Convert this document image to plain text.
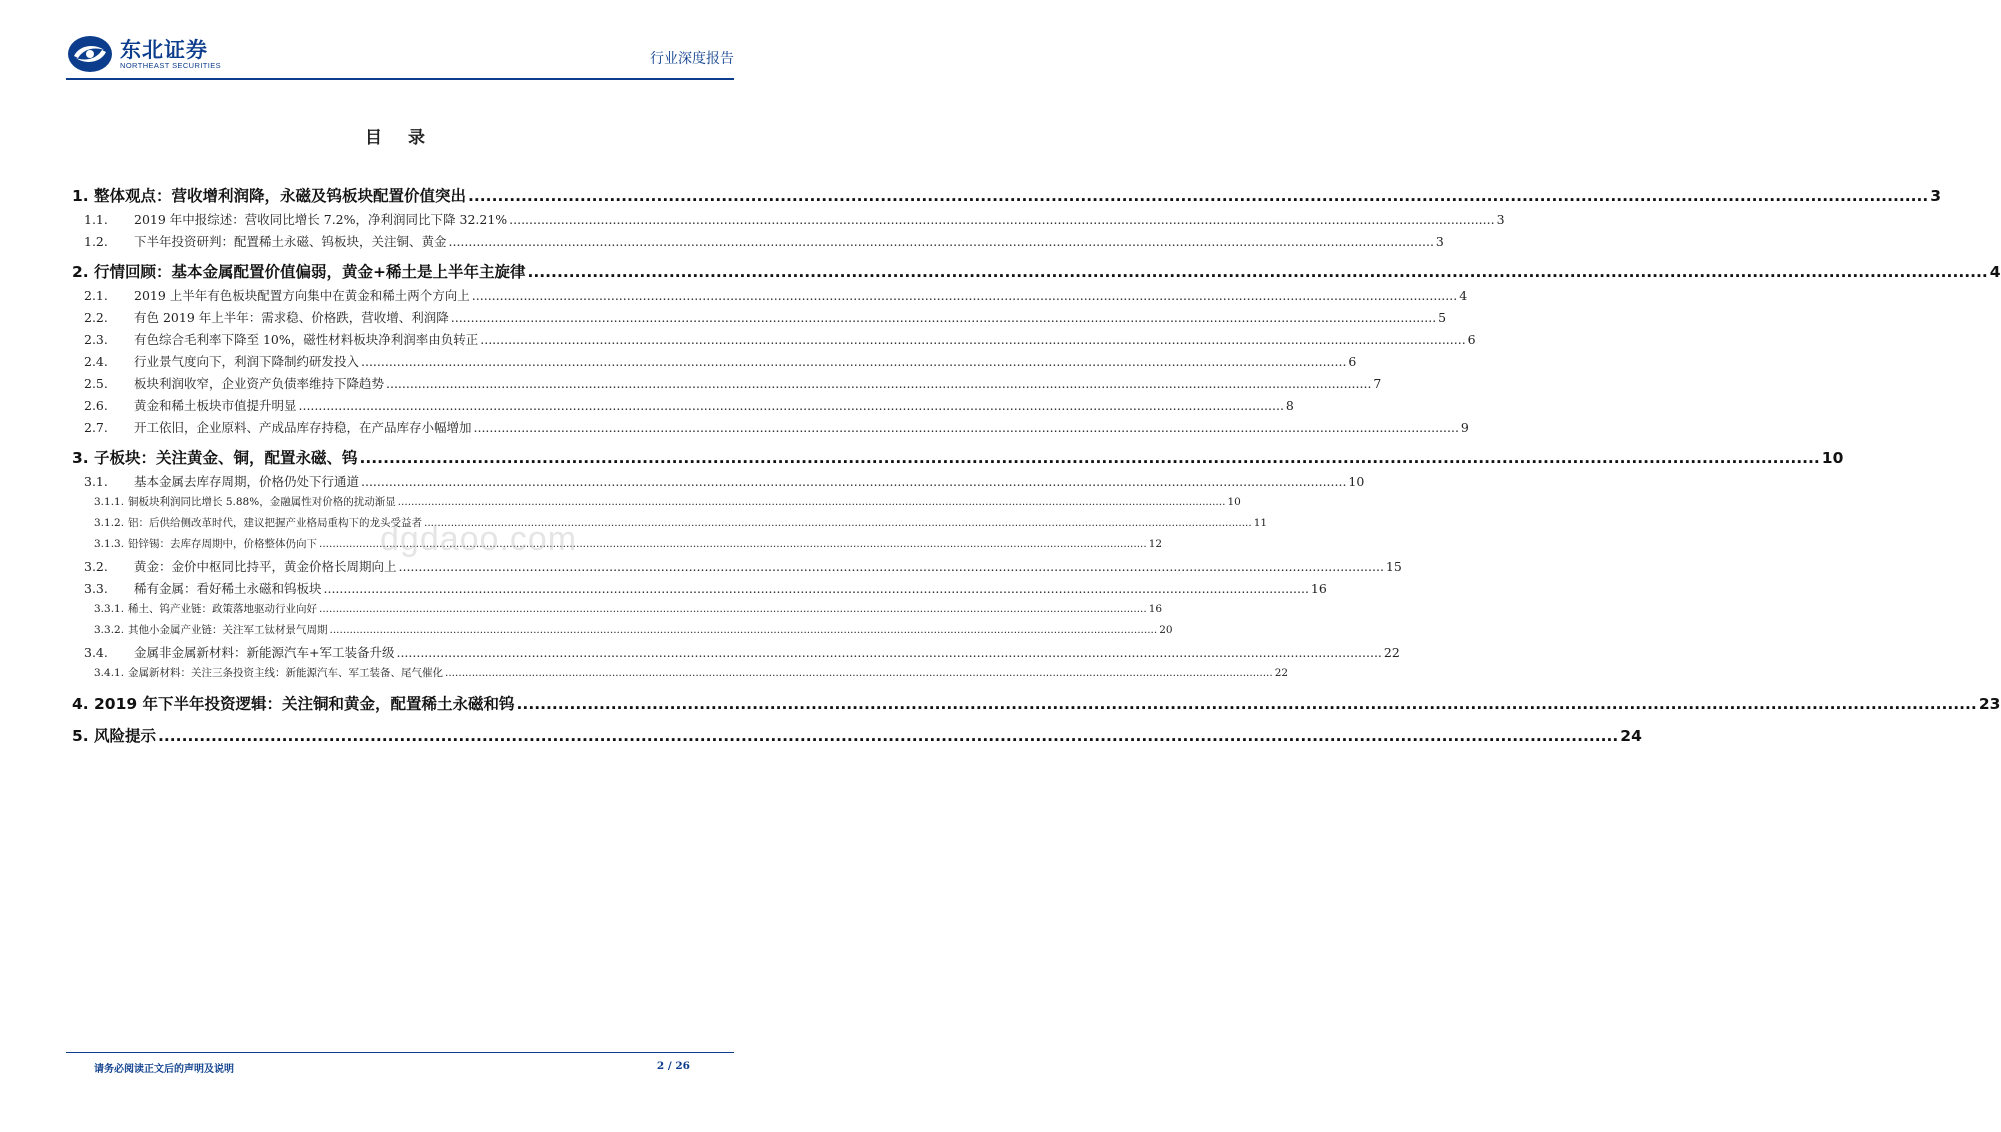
东北证券
NORTHEAST SECURITIES	行业深度报告
目 录
1. 整体观点：营收增利润降，永磁及钨板块配置价值突出 .....	3
1.1.	2019 年中报综述：营收同比增长 7.2%，净利润同比下降 32.21% .....	3
1.2.	下半年投资研判：配置稀土永磁、钨板块，关注铜、黄金 .....	3
2. 行情回顾：基本金属配置价值偏弱，黄金+稀土是上半年主旋律 .....	4
2.1.	2019 上半年有色板块配置方向集中在黄金和稀土两个方向上 .....	4
2.2.	有色 2019 年上半年：需求稳、价格跌，营收增、利润降 .....	5
2.3.	有色综合毛利率下降至 10%，磁性材料板块净利润率由负转正 .....	6
2.4.	行业景气度向下，利润下降制约研发投入 .....	6
2.5.	板块利润收窄，企业资产负债率维持下降趋势 .....	7
2.6.	黄金和稀土板块市值提升明显 .....	8
2.7.	开工依旧，企业原料、产成品库存持稳，在产品库存小幅增加 .....	9
3. 子板块：关注黄金、铜，配置永磁、钨 .....	10
3.1.	基本金属去库存周期，价格仍处下行通道 .....	10
3.1.1. 铜板块利润同比增长 5.88%，金融属性对价格的扰动渐显 .....	10
3.1.2. 铝：后供给侧改革时代，建议把握产业格局重构下的龙头受益者 .....	11
3.1.3. 铅锌锡：去库存周期中，价格整体仍向下 .....	12
3.2.	黄金：金价中枢同比持平，黄金价格长周期向上 .....	15
3.3.	稀有金属：看好稀土永磁和钨板块 .....	16
3.3.1. 稀土、钨产业链：政策落地驱动行业向好 .....	16
3.3.2. 其他小金属产业链：关注军工钛材景气周期 .....	20
3.4.	金属非金属新材料：新能源汽车+军工装备升级 .....	22
3.4.1. 金属新材料：关注三条投资主线：新能源汽车、军工装备、尾气催化 .....	22
4. 2019 年下半年投资逻辑：关注铜和黄金，配置稀土永磁和钨 .....	23
5. 风险提示 .....	24
dgdaoo.com
请务必阅读正文后的声明及说明	2 / 26
